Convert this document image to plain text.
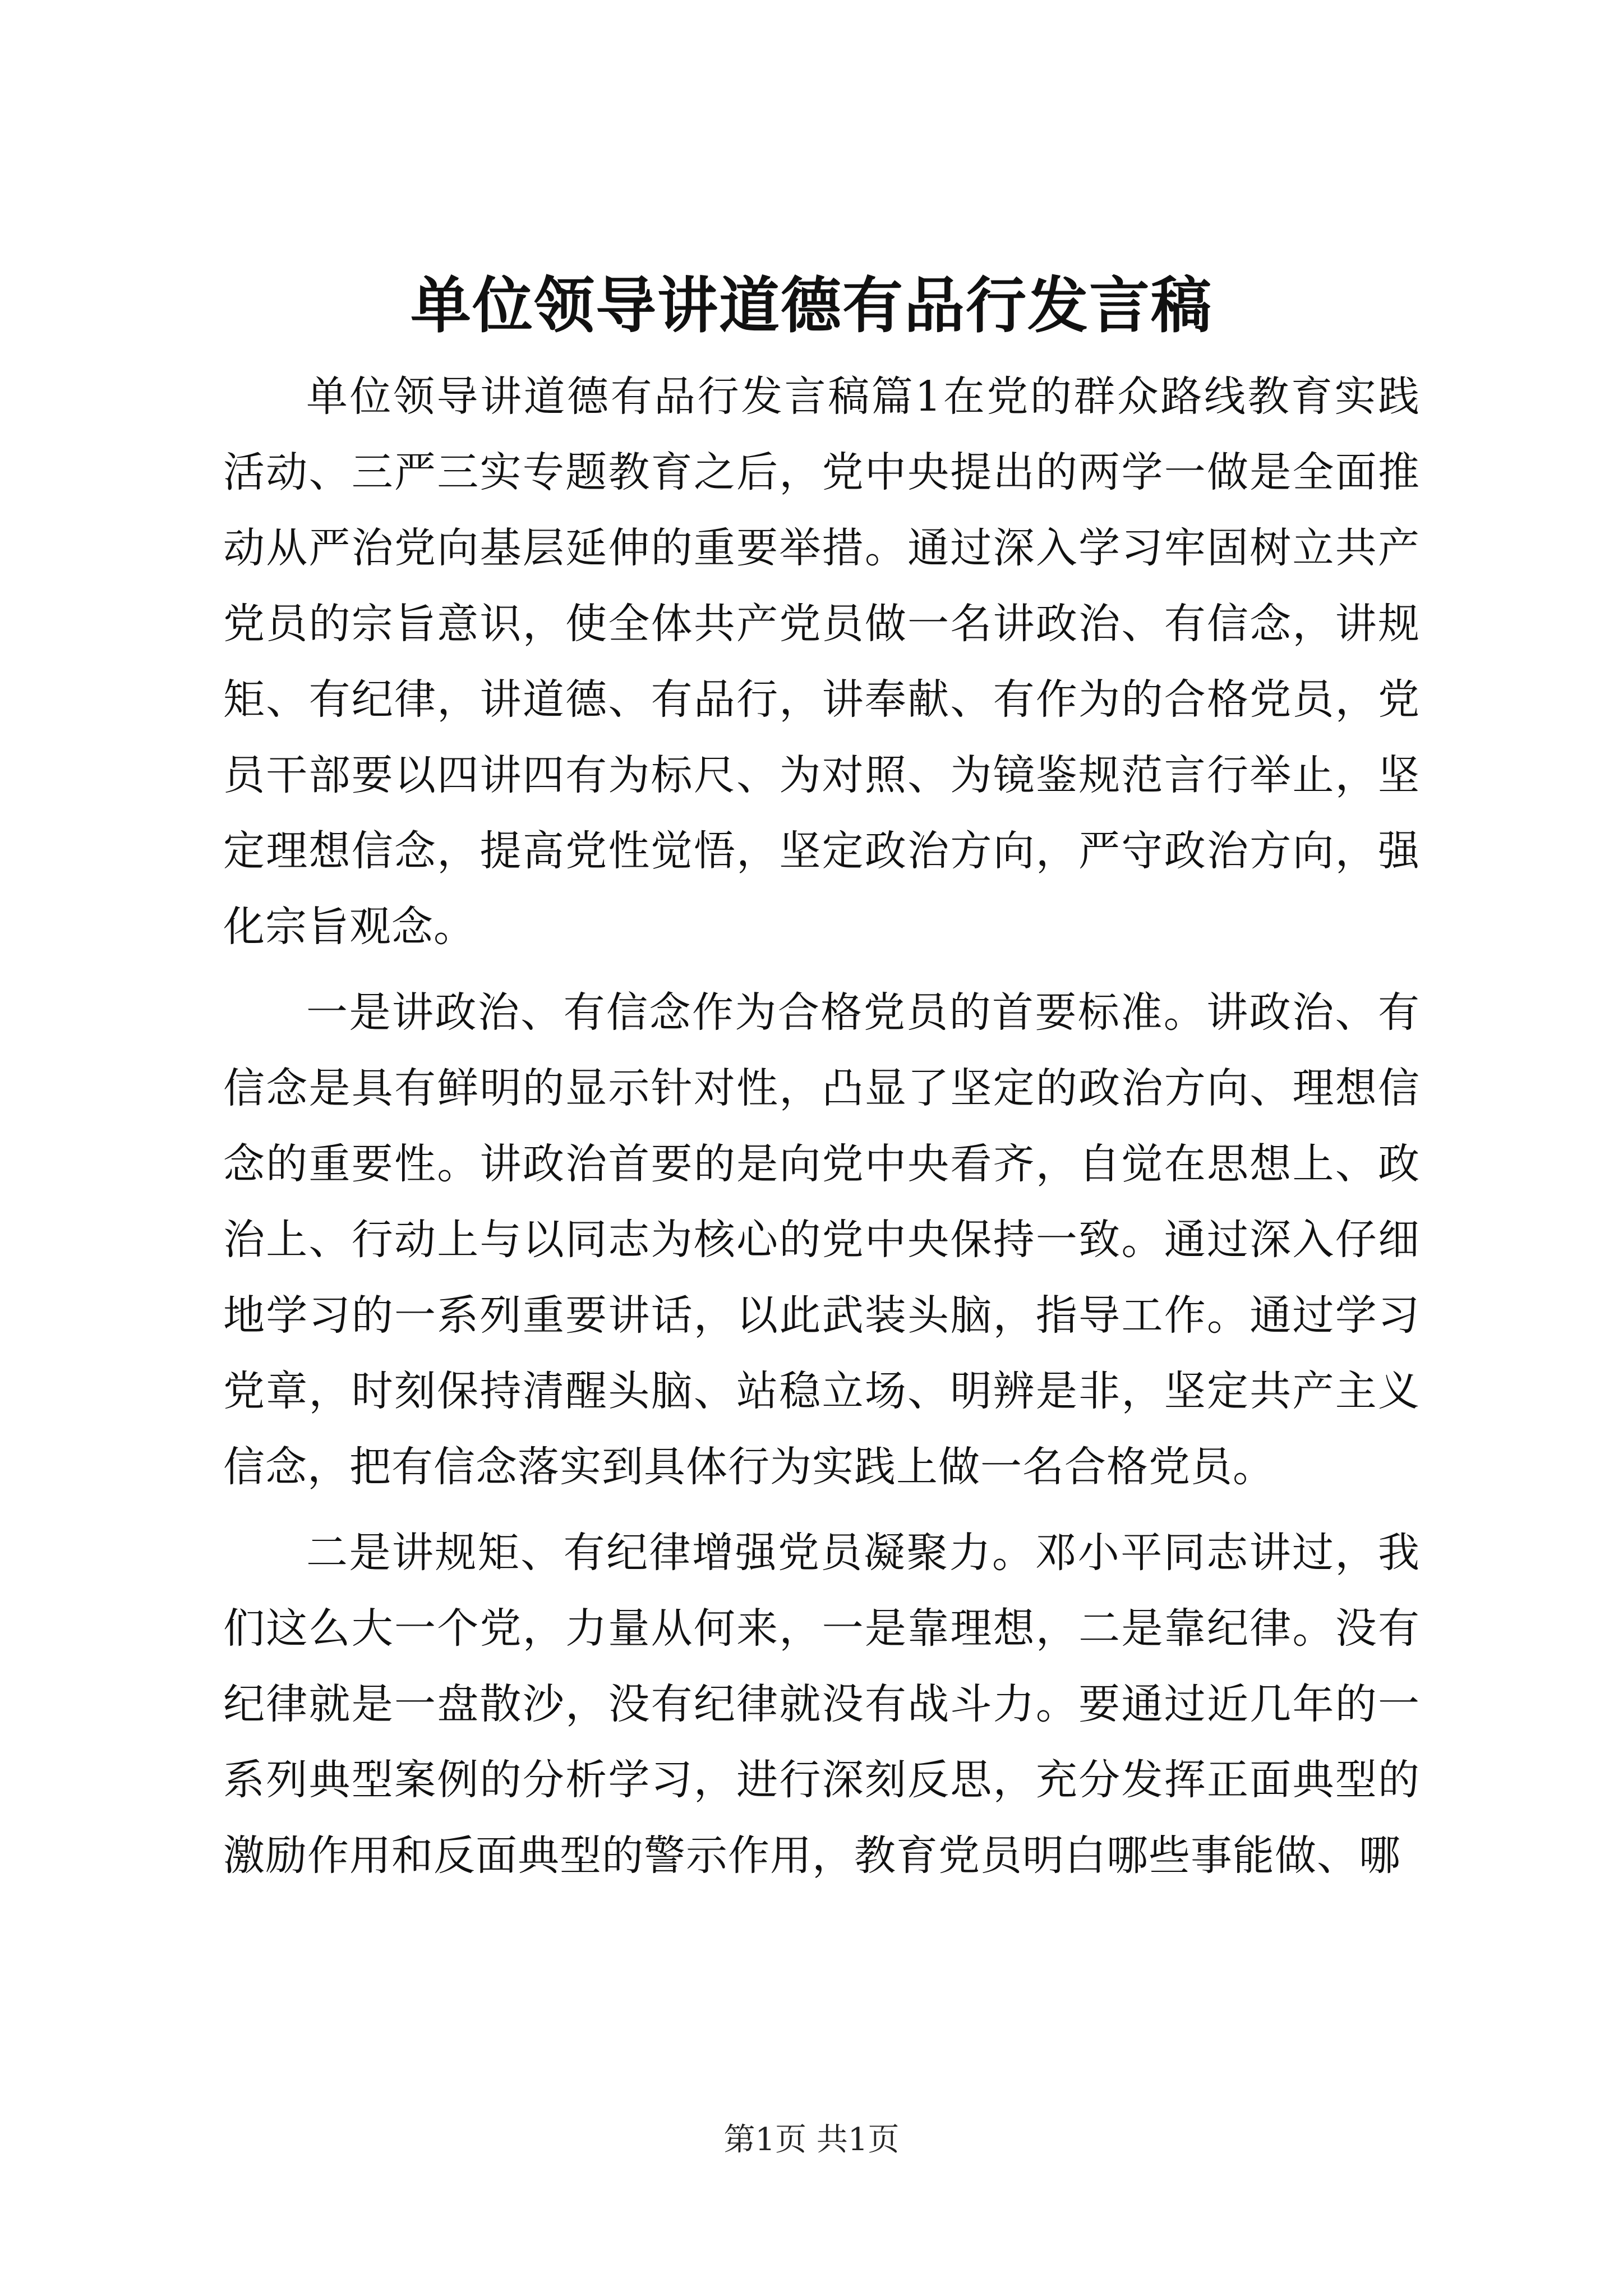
单位领导讲道德有品行发言稿

单位领导讲道德有品行发言稿篇1在党的群众路线教育实践活动、三严三实专题教育之后，党中央提出的两学一做是全面推动从严治党向基层延伸的重要举措。通过深入学习牢固树立共产党员的宗旨意识，使全体共产党员做一名讲政治、有信念，讲规矩、有纪律，讲道德、有品行，讲奉献、有作为的合格党员，党员干部要以四讲四有为标尺、为对照、为镜鉴规范言行举止，坚定理想信念，提高党性觉悟，坚定政治方向，严守政治方向，强化宗旨观念。

一是讲政治、有信念作为合格党员的首要标准。讲政治、有信念是具有鲜明的显示针对性，凸显了坚定的政治方向、理想信念的重要性。讲政治首要的是向党中央看齐，自觉在思想上、政治上、行动上与以同志为核心的党中央保持一致。通过深入仔细地学习的一系列重要讲话，以此武装头脑，指导工作。通过学习党章，时刻保持清醒头脑、站稳立场、明辨是非，坚定共产主义信念，把有信念落实到具体行为实践上做一名合格党员。

二是讲规矩、有纪律增强党员凝聚力。邓小平同志讲过，我们这么大一个党，力量从何来，一是靠理想，二是靠纪律。没有纪律就是一盘散沙，没有纪律就没有战斗力。要通过近几年的一系列典型案例的分析学习，进行深刻反思，充分发挥正面典型的激励作用和反面典型的警示作用，教育党员明白哪些事能做、哪

第1页 共1页
